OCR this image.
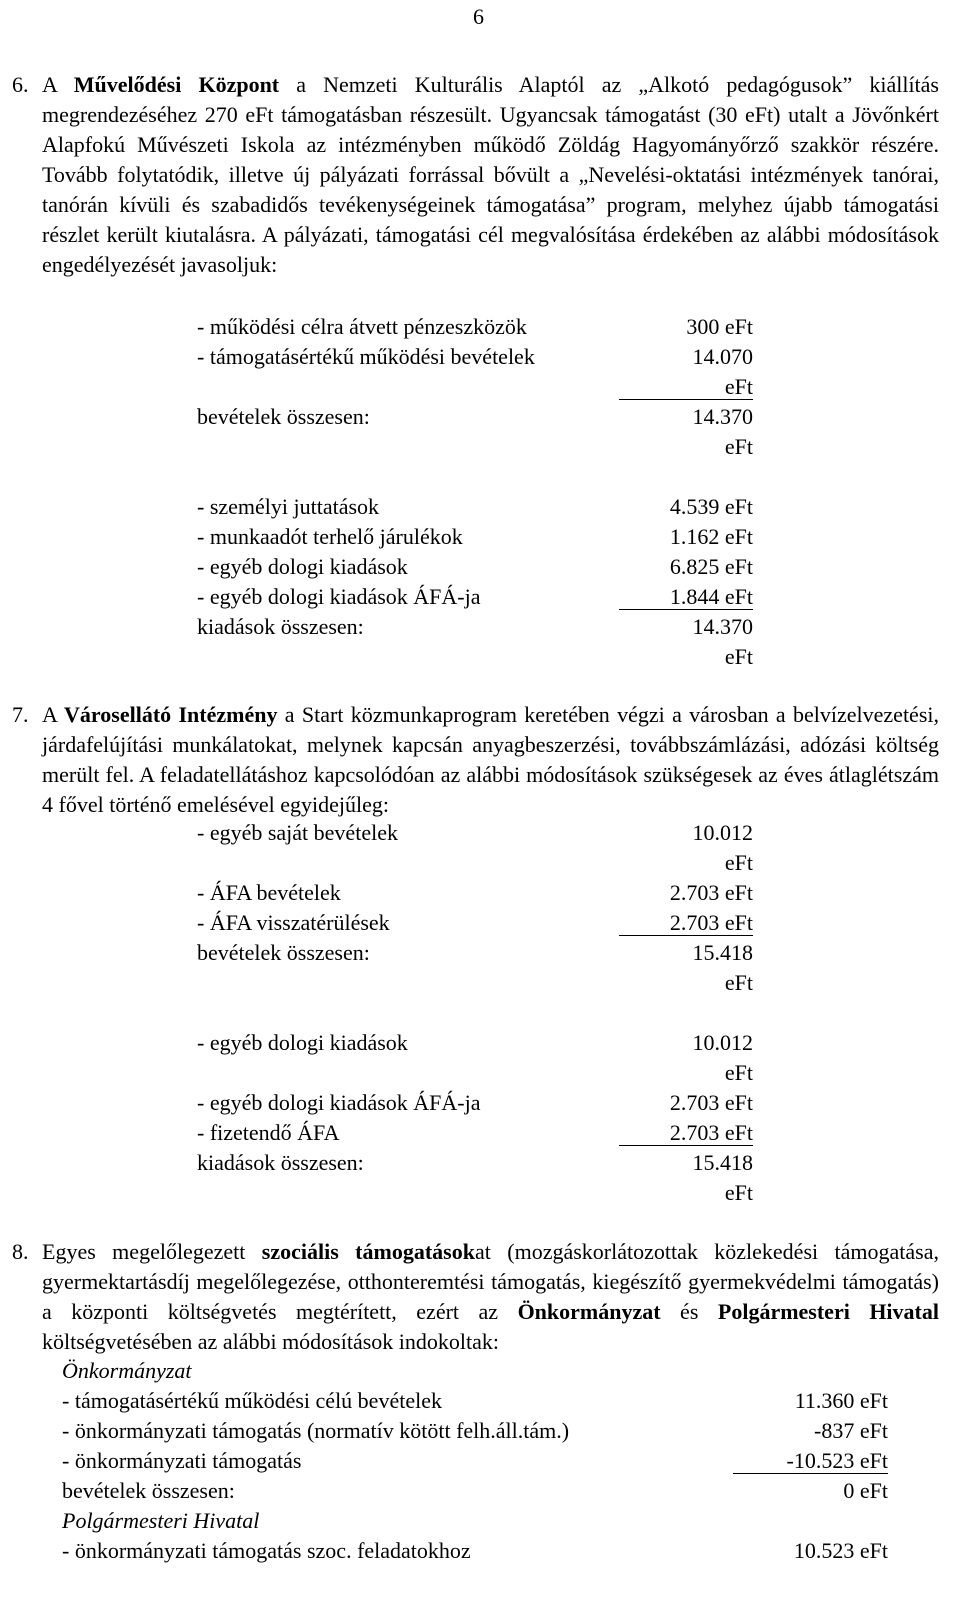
6
6. A Művelődési Központ a Nemzeti Kulturális Alaptól az „Alkotó pedagógusok” kiállítás megrendezéséhez 270 eFt támogatásban részesült. Ugyancsak támogatást (30 eFt) utalt a Jövőnkért Alapfokú Művészeti Iskola az intézményben működő Zöldág Hagyományőrző szakkör részére. Tovább folytatódik, illetve új pályázati forrással bővült a „Nevelési-oktatási intézmények tanórai, tanórán kívüli és szabadidős tevékenységeinek támogatása” program, melyhez újabb támogatási részlet került kiutalásra. A pályázati, támogatási cél megvalósítása érdekében az alábbi módosítások engedélyezését javasoljuk:
- működési célra átvett pénzeszközök	300 eFt
- támogatásértékű működési bevételek	14.070
eFt
bevételek összesen:	14.370
eFt
- személyi juttatások	4.539 eFt
- munkaadót terhelő járulékok	1.162 eFt
- egyéb dologi kiadások	6.825 eFt
- egyéb dologi kiadások ÁFÁ-ja	1.844 eFt
kiadások összesen:	14.370
eFt
7. A Városellátó Intézmény a Start közmunkaprogram keretében végzi a városban a belvízelvezetési, járdafelújítási munkálatokat, melynek kapcsán anyagbeszerzési, továbbszámlázási, adózási költség merült fel. A feladatellátáshoz kapcsolódóan az alábbi módosítások szükségesek az éves átlaglétszám 4 fővel történő emelésével egyidejűleg:
- egyéb saját bevételek	10.012
eFt
- ÁFA bevételek	2.703 eFt
- ÁFA visszatérülések	2.703 eFt
bevételek összesen:	15.418
eFt
- egyéb dologi kiadások	10.012
eFt
- egyéb dologi kiadások ÁFÁ-ja	2.703 eFt
- fizetendő ÁFA	2.703 eFt
kiadások összesen:	15.418
eFt
8. Egyes megelőlegezett szociális támogatásokat (mozgáskorlátozottak közlekedési támogatása, gyermektartásdíj megelőlegezése, otthonteremtési támogatás, kiegészítő gyermekvédelmi támogatás) a központi költségvetés megtérített, ezért az Önkormányzat és Polgármesteri Hivatal költségvetésében az alábbi módosítások indokoltak:
Önkormányzat
- támogatásértékű működési célú bevételek	11.360 eFt
- önkormányzati támogatás (normatív kötött felh.áll.tám.)	-837 eFt
- önkormányzati támogatás	-10.523 eFt
bevételek összesen:	0 eFt
Polgármesteri Hivatal
- önkormányzati támogatás szoc. feladatokhoz	10.523 eFt
